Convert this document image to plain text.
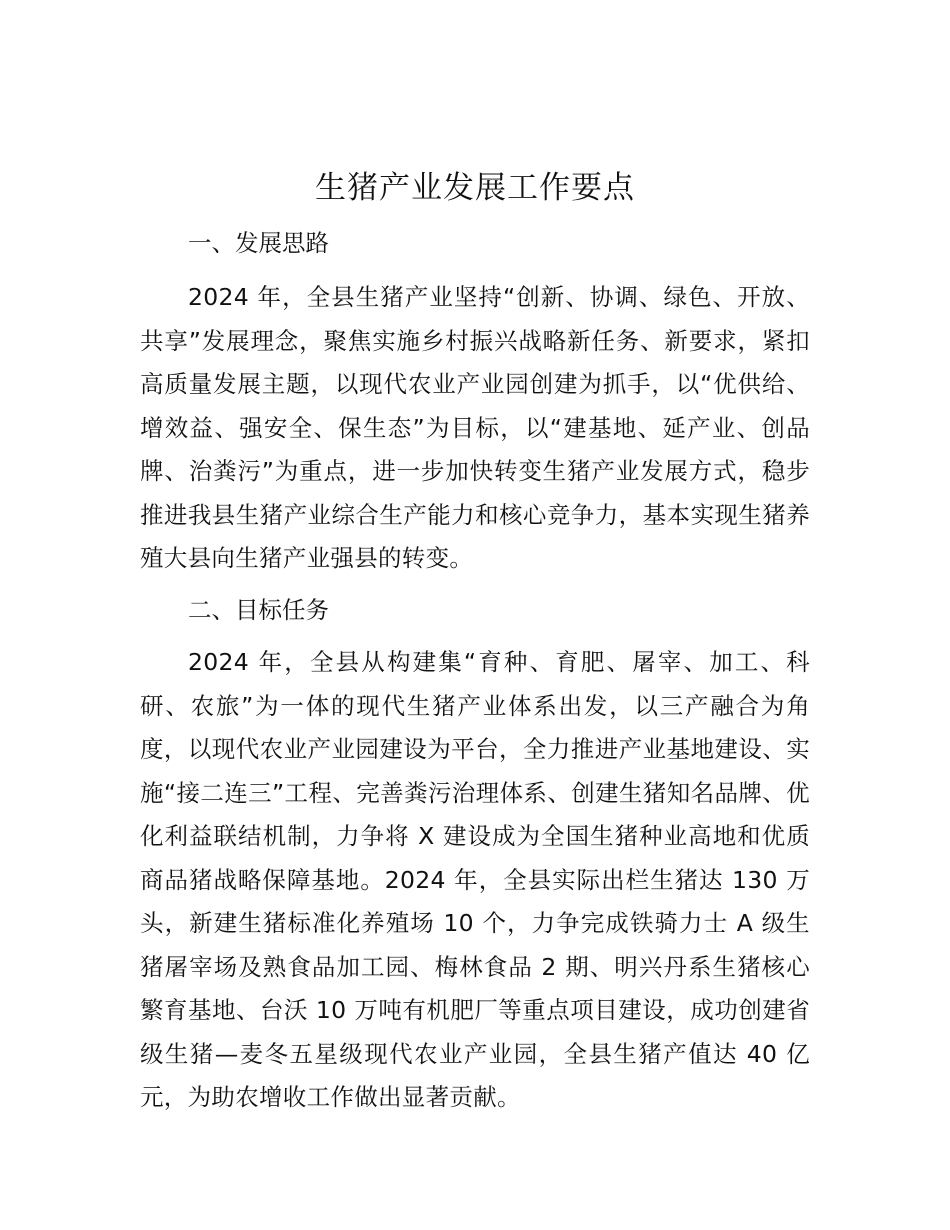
生猪产业发展工作要点
一、发展思路

2024 年，全县生猪产业坚持“创新、协调、绿色、开放、共享”发展理念，聚焦实施乡村振兴战略新任务、新要求，紧扣高质量发展主题，以现代农业产业园创建为抓手，以“优供给、增效益、强安全、保生态”为目标，以“建基地、延产业、创品牌、治粪污”为重点，进一步加快转变生猪产业发展方式，稳步推进我县生猪产业综合生产能力和核心竞争力，基本实现生猪养殖大县向生猪产业强县的转变。

二、目标任务

2024 年，全县从构建集“育种、育肥、屠宰、加工、科研、农旅”为一体的现代生猪产业体系出发，以三产融合为角度，以现代农业产业园建设为平台，全力推进产业基地建设、实施“接二连三”工程、完善粪污治理体系、创建生猪知名品牌、优化利益联结机制，力争将 X 建设成为全国生猪种业高地和优质商品猪战略保障基地。2024 年，全县实际出栏生猪达 130 万头，新建生猪标准化养殖场 10 个，力争完成铁骑力士 A 级生猪屠宰场及熟食品加工园、梅林食品 2 期、明兴丹系生猪核心繁育基地、台沃 10 万吨有机肥厂等重点项目建设，成功创建省级生猪—麦冬五星级现代农业产业园，全县生猪产值达 40 亿元，为助农增收工作做出显著贡献。
